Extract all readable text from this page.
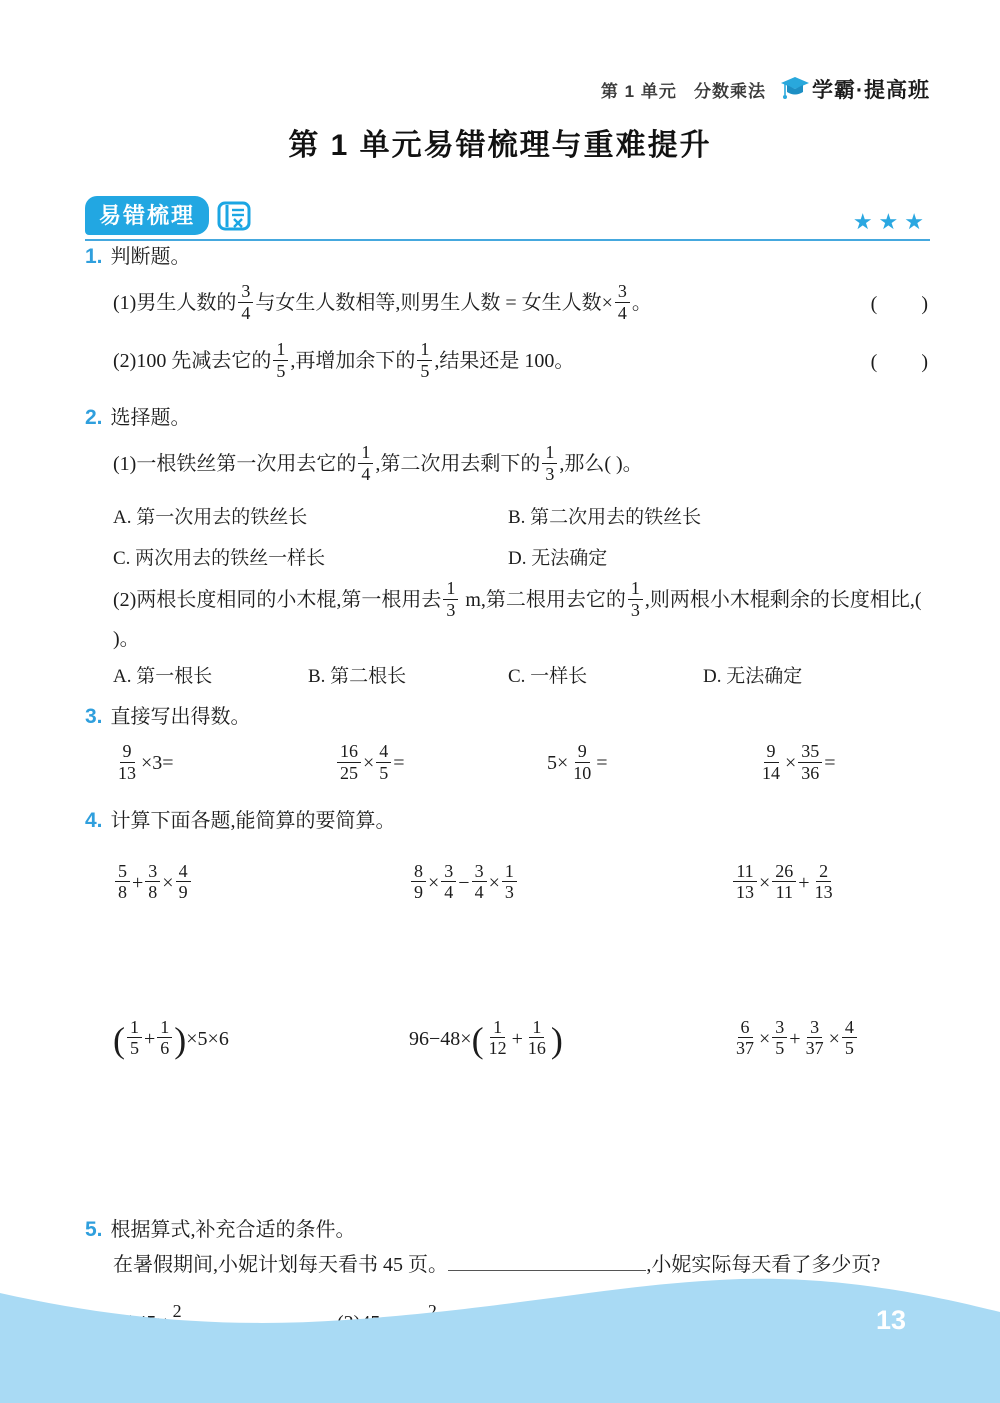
第 1 单元 分数乘法 学霸·提高班
第 1 单元易错梳理与重难提升
易错梳理	★★★
1. 判断题。
(1)男生人数的 $\frac{3}{4}$ 与女生人数相等,则男生人数 = 女生人数× $\frac{3}{4}$ 。	(      )
(2)100 先减去它的 $\frac{1}{5}$ ,再增加余下的 $\frac{1}{5}$ ,结果还是 100。	(      )
2. 选择题。
(1)一根铁丝第一次用去它的 $\frac{1}{4}$ ,第二次用去剩下的 $\frac{1}{3}$ ,那么( )。
A. 第一次用去的铁丝长	B. 第二次用去的铁丝长
C. 两次用去的铁丝一样长	D. 无法确定
(2)两根长度相同的小木棍,第一根用去 $\frac{1}{3} m$,第二根用去它的 $\frac{1}{3}$ ,则两根小木棍剩余的长度相比,( )。
A. 第一根长	B. 第二根长	C. 一样长	D. 无法确定
3. 直接写出得数。
$\frac{9}{13} \times 3=$	$\frac{16}{25} \times \frac{4}{5}$ =	$5\times \frac{9}{10}$ =	$\frac{9}{14} \times \frac{35}{36}$ =
4. 计算下面各题,能简算的要简算。
$\frac{5}{8} + \frac{3}{8} \times \frac{4}{9}$	$\frac{8}{9} \times \frac{3}{4} - \frac{3}{4} \times \frac{1}{3}$	$\frac{11}{13} \times \frac{26}{11} + \frac{2}{13}$
( $\frac{1}{5} + \frac{1}{6} )\times 5\times 6$	$96-48\times( \frac{1}{12} + \frac{1}{16}$ )	$\frac{6}{37} \times \frac{3}{5} + \frac{3}{37} \times \frac{4}{5}$
5. 根据算式,补充合适的条件。
在暑假期间,小妮计划每天看书 45 页。	,小妮实际每天看了多少页?
2	2	13
